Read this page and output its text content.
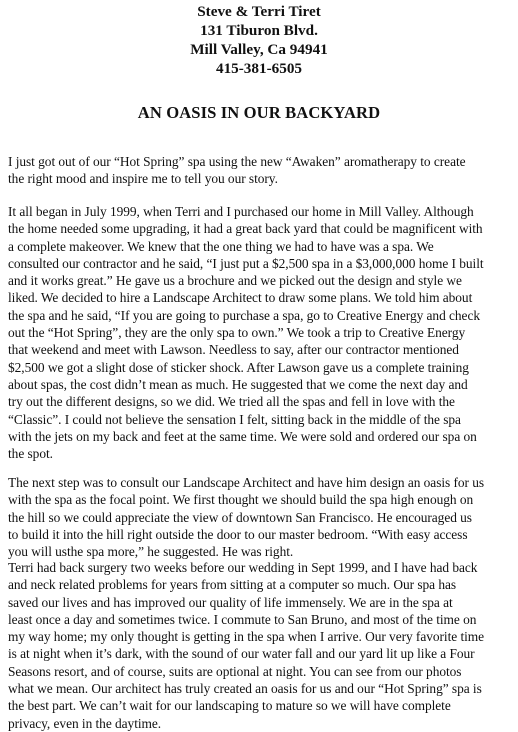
Steve & Terri Tiret
131 Tiburon Blvd.
Mill Valley, Ca 94941
415-381-6505
AN OASIS IN OUR BACKYARD
I just got out of our “Hot Spring” spa using the new “Awaken” aromatherapy to create
the right mood and inspire me to tell you our story.
It all began in July 1999, when Terri and I purchased our home in Mill Valley. Although
the home needed some upgrading, it had a great back yard that could be magnificent with
a complete makeover. We knew that the one thing we had to have was a spa. We
consulted our contractor and he said, “I just put a $2,500 spa in a $3,000,000 home I built
and it works great.” He gave us a brochure and we picked out the design and style we
liked. We decided to hire a Landscape Architect to draw some plans. We told him about
the spa and he said, “If you are going to purchase a spa, go to Creative Energy and check
out the “Hot Spring”, they are the only spa to own.” We took a trip to Creative Energy
that weekend and meet with Lawson. Needless to say, after our contractor mentioned
$2,500 we got a slight dose of sticker shock. After Lawson gave us a complete training
about spas, the cost didn’t mean as much. He suggested that we come the next day and
try out the different designs, so we did. We tried all the spas and fell in love with the
“Classic”. I could not believe the sensation I felt, sitting back in the middle of the spa
with the jets on my back and feet at the same time. We were sold and ordered our spa on
the spot.
The next step was to consult our Landscape Architect and have him design an oasis for us
with the spa as the focal point. We first thought we should build the spa high enough on
the hill so we could appreciate the view of downtown San Francisco. He encouraged us
to build it into the hill right outside the door to our master bedroom. “With easy access
you will usthe spa more,” he suggested. He was right.
Terri had back surgery two weeks before our wedding in Sept 1999, and I have had back
and neck related problems for years from sitting at a computer so much. Our spa has
saved our lives and has improved our quality of life immensely. We are in the spa at
least once a day and sometimes twice. I commute to San Bruno, and most of the time on
my way home; my only thought is getting in the spa when I arrive. Our very favorite time
is at night when it’s dark, with the sound of our water fall and our yard lit up like a Four
Seasons resort, and of course, suits are optional at night. You can see from our photos
what we mean. Our architect has truly created an oasis for us and our “Hot Spring” spa is
the best part. We can’t wait for our landscaping to mature so we will have complete
privacy, even in the daytime.
